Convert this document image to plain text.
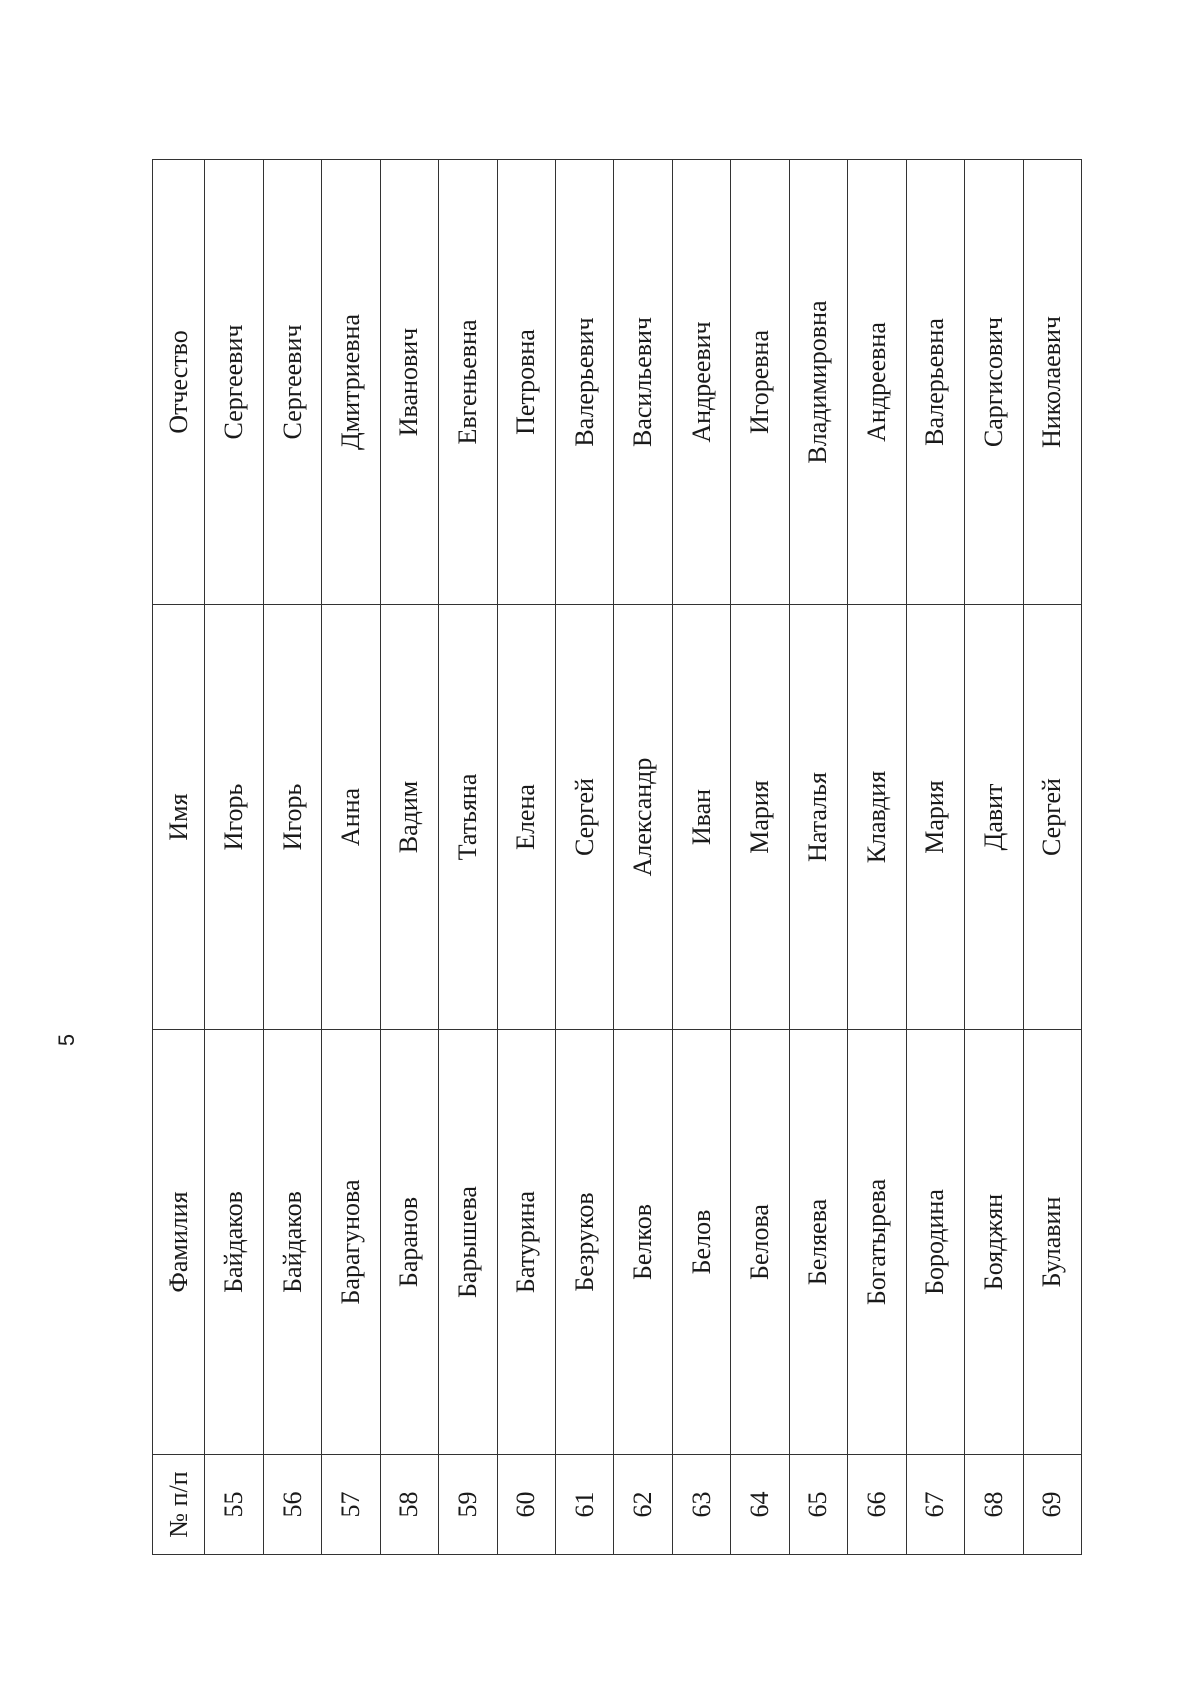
5
№ п/п	Фамилия	Имя	Отчество
55	Байдаков	Игорь	Сергеевич
56	Байдаков	Игорь	Сергеевич
57	Барагунова	Анна	Дмитриевна
58	Баранов	Вадим	Иванович
59	Барышева	Татьяна	Евгеньевна
60	Батурина	Елена	Петровна
61	Безруков	Сергей	Валерьевич
62	Белков	Александр	Васильевич
63	Белов	Иван	Андреевич
64	Белова	Мария	Игоревна
65	Беляева	Наталья	Владимировна
66	Богатырева	Клавдия	Андреевна
67	Бородина	Мария	Валерьевна
68	Бояджян	Давит	Саргисович
69	Булавин	Сергей	Николаевич
